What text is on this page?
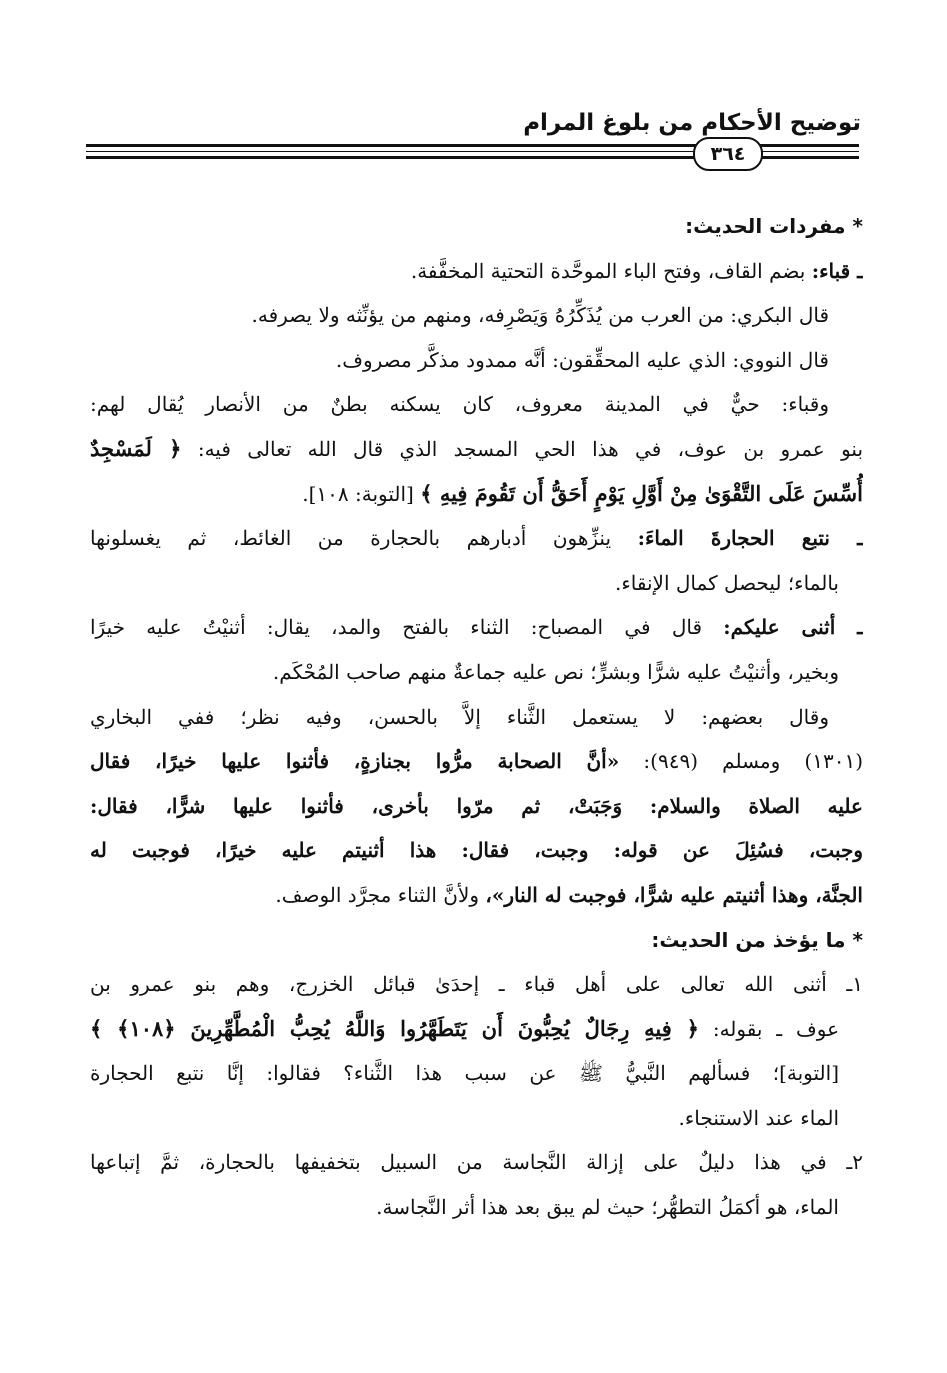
توضيح الأحكام من بلوغ المرام
٣٦٤
* مفردات الحديث:
ـ قباء: بضم القاف، وفتح الباء الموحَّدة التحتية المخفَّفة.
قال البكري: من العرب من يُذَكِّرُهُ وَيَصْرِفه، ومنهم من يؤنِّثه ولا يصرفه.
قال النووي: الذي عليه المحقِّقون: أنَّه ممدود مذكَّر مصروف.
وقباء: حيٌّ في المدينة معروف، كان يسكنه بطنٌ من الأنصار يُقال لهم:
بنو عمرو بن عوف، في هذا الحي المسجد الذي قال الله تعالى فيه: ﴿ لَمَسْجِدٌ
أُسِّسَ عَلَى التَّقْوَىٰ مِنْ أَوَّلِ يَوْمٍ أَحَقُّ أَن تَقُومَ فِيهِ ﴾ [التوبة: ١٠٨].
ـ نتبع الحجارةَ الماءَ: ينزِّهون أدبارهم بالحجارة من الغائط، ثم يغسلونها
بالماء؛ ليحصل كمال الإنقاء.
ـ أثنى عليكم: قال في المصباح: الثناء بالفتح والمد، يقال: أثنيْتُ عليه خيرًا
وبخير، وأثنيْتُ عليه شرًّا وبشرٍّ؛ نص عليه جماعةٌ منهم صاحب المُحْكَم.
وقال بعضهم: لا يستعمل الثَّناء إلاَّ بالحسن، وفيه نظر؛ ففي البخاري
(١٣٠١) ومسلم (٩٤٩): «أنَّ الصحابة مرُّوا بجنازةٍ، فأثنوا عليها خيرًا، فقال
عليه الصلاة والسلام: وَجَبَتْ، ثم مرّوا بأخرى، فأثنوا عليها شرًّا، فقال:
وجبت، فسُئِلَ عن قوله: وجبت، فقال: هذا أثنيتم عليه خيرًا، فوجبت له
الجنَّة، وهذا أثنيتم عليه شرًّا، فوجبت له النار»، ولأنَّ الثناء مجرَّد الوصف.
* ما يؤخذ من الحديث:
١ـ أثنى الله تعالى على أهل قباء ـ إحدَىٰ قبائل الخزرج، وهم بنو عمرو بن
عوف ـ بقوله: ﴿ فِيهِ رِجَالٌ يُحِبُّونَ أَن يَتَطَهَّرُوا وَاللَّهُ يُحِبُّ الْمُطَّهِّرِينَ ﴿١٠٨﴾ ﴾
[التوبة]؛ فسألهم النَّبيُّ ﷺ عن سبب هذا الثَّناء؟ فقالوا: إنَّا نتبع الحجارة
الماء عند الاستنجاء.
٢ـ في هذا دليلٌ على إزالة النَّجاسة من السبيل بتخفيفها بالحجارة، ثمَّ إتباعها
الماء، هو أكمَلُ التطهُّر؛ حيث لم يبق بعد هذا أثر النَّجاسة.
